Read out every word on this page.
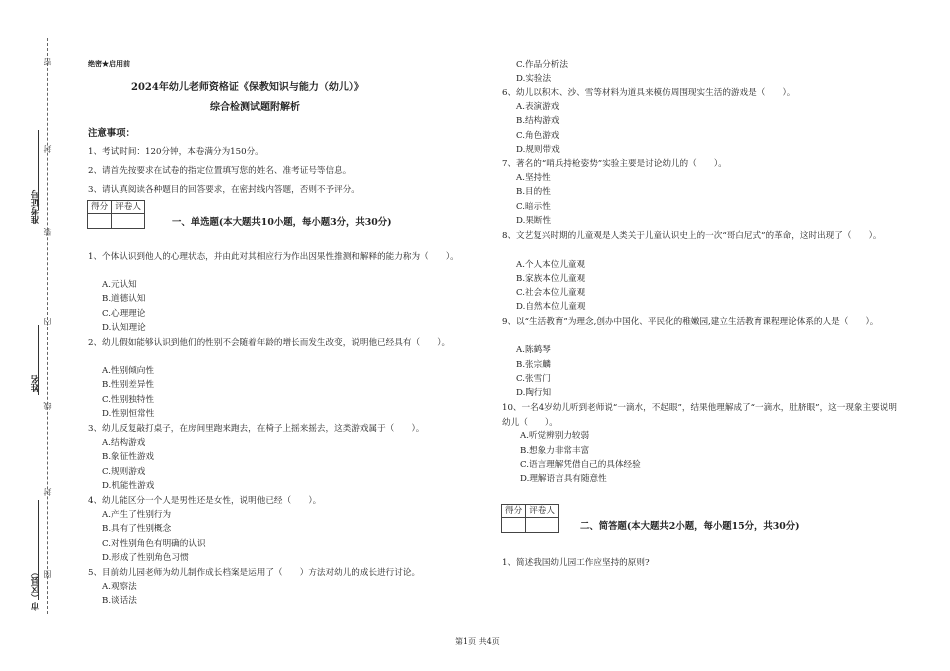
密
封
装
内
线
封
图
准考证号
姓名
市（区县）
绝密★启用前
2024年幼儿老师资格证《保教知识与能力（幼儿）》
综合检测试题附解析
注意事项：
1、考试时间：120分钟，本卷满分为150分。
2、请首先按要求在试卷的指定位置填写您的姓名、准考证号等信息。
3、请认真阅读各种题目的回答要求，在密封线内答题，否则不予评分。
得分	评卷人

一、单选题(本大题共10小题，每小题3分，共30分)
1、个体认识到他人的心理状态，并由此对其相应行为作出因果性推测和解释的能力称为（　　）。
A.元认知
B.道德认知
C.心理理论
D.认知理论
2、幼儿假如能够认识到他们的性别不会随着年龄的增长而发生改变，说明他已经具有（　　）。
A.性别倾向性
B.性别差异性
C.性别独特性
D.性别恒常性
3、幼儿反复敲打桌子，在房间里跑来跑去，在椅子上摇来摇去，这类游戏属于（　　）。
A.结构游戏
B.象征性游戏
C.规则游戏
D.机能性游戏
4、幼儿能区分一个人是男性还是女性，说明他已经（　　）。
A.产生了性别行为
B.具有了性别概念
C.对性别角色有明确的认识
D.形成了性别角色习惯
5、目前幼儿园老师为幼儿制作成长档案是运用了（　　）方法对幼儿的成长进行讨论。
A.观察法
B.谈话法
C.作品分析法
D.实验法
6、幼儿以积木、沙、雪等材料为道具来模仿周围现实生活的游戏是（　　）。
A.表演游戏
B.结构游戏
C.角色游戏
D.规则带戏
7、著名的“哨兵持枪姿势”实验主要是讨论幼儿的（　　）。
A.坚持性
B.目的性
C.暗示性
D.果断性
8、文艺复兴时期的儿童观是人类关于儿童认识史上的一次“哥白尼式”的革命，这时出现了（　　）。
A.个人本位儿童观
B.家族本位儿童观
C.社会本位儿童观
D.自然本位儿童观
9、以“生活教育”为理念,创办中国化、平民化的稚嫩园,建立生活教育课程理论体系的人是（　　）。
A.陈鹤琴
B.张宗麟
C.张雪门
D.陶行知
10、一名4岁幼儿听到老师说“一滴水，不起眼”，结果他理解成了“一滴水，肚脐眼”，这一现象主要说明幼儿（　　）。
A.听觉辨别力较弱
B.想象力非常丰富
C.语言理解凭借自己的具体经验
D.理解语言具有随意性
得分	评卷人

二、简答题(本大题共2小题，每小题15分，共30分)
1、简述我国幼儿园工作应坚持的原则?
第1页 共4页
